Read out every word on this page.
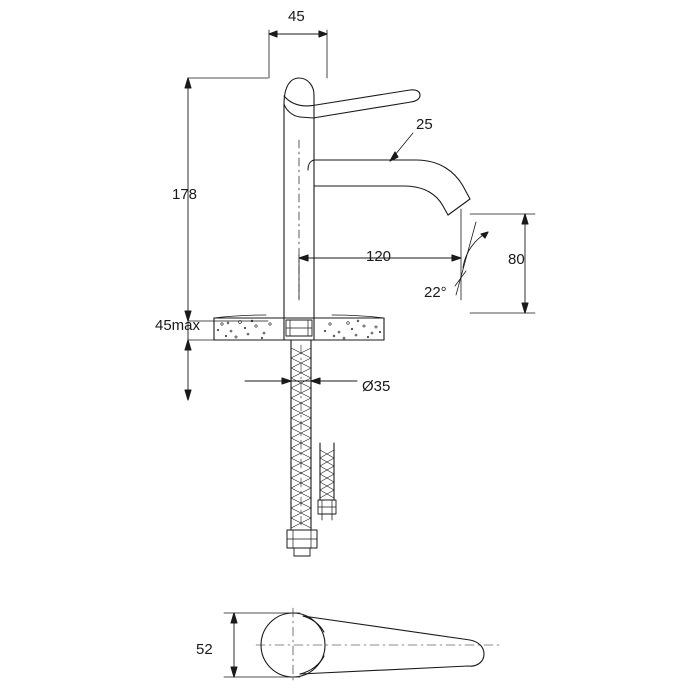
45
178
25
120	80
22°
45max
Ø35
52
